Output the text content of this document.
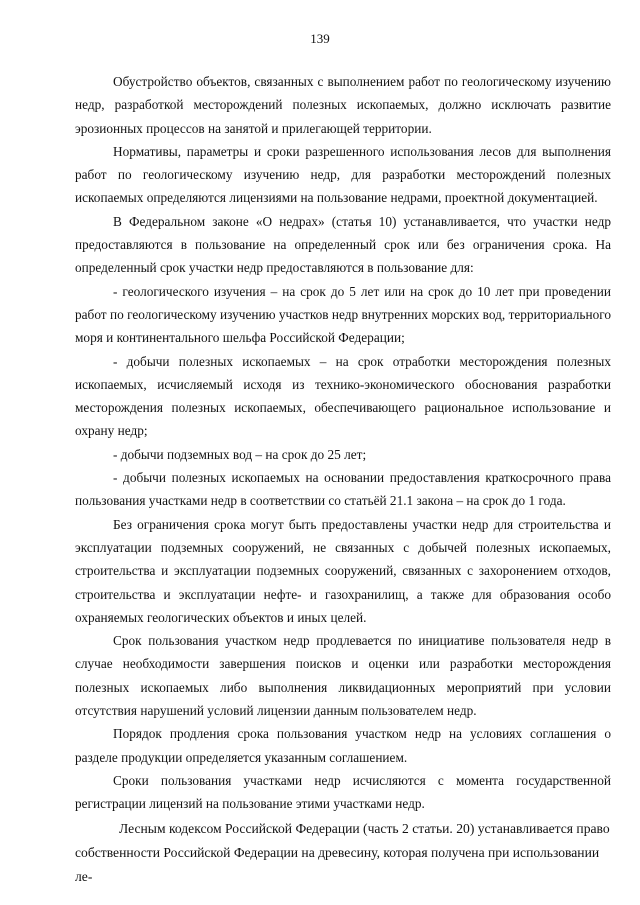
139

Обустройство объектов, связанных с выполнением работ по геологическому изучению недр, разработкой месторождений полезных ископаемых, должно исключать развитие эрозионных процессов на занятой и прилегающей территории.

Нормативы, параметры и сроки разрешенного использования лесов для выполнения работ по геологическому изучению недр, для разработки месторождений полезных ископаемых определяются лицензиями на пользование недрами, проектной документацией.

В Федеральном законе «О недрах» (статья 10) устанавливается, что участки недр предоставляются в пользование на определенный срок или без ограничения срока. На определенный срок участки недр предоставляются в пользование для:

- геологического изучения – на срок до 5 лет или на срок до 10 лет при проведении работ по геологическому изучению участков недр внутренних морских вод, территориального моря и континентального шельфа Российской Федерации;

- добычи полезных ископаемых – на срок отработки месторождения полезных ископаемых, исчисляемый исходя из технико-экономического обоснования разработки месторождения полезных ископаемых, обеспечивающего рациональное использование и охрану недр;

- добычи подземных вод – на срок до 25 лет;

- добычи полезных ископаемых на основании предоставления краткосрочного права пользования участками недр в соответствии со статьёй 21.1 закона – на срок до 1 года.

Без ограничения срока могут быть предоставлены участки недр для строительства и эксплуатации подземных сооружений, не связанных с добычей полезных ископаемых, строительства и эксплуатации подземных сооружений, связанных с захоронением отходов, строительства и эксплуатации нефте- и газохранилищ, а также для образования особо охраняемых геологических объектов и иных целей.

Срок пользования участком недр продлевается по инициативе пользователя недр в случае необходимости завершения поисков и оценки или разработки месторождения полезных ископаемых либо выполнения ликвидационных мероприятий при условии отсутствия нарушений условий лицензии данным пользователем недр.

Порядок продления срока пользования участком недр на условиях соглашения о разделе продукции определяется указанным соглашением.

Сроки пользования участками недр исчисляются с момента государственной регистрации лицензий на пользование этими участками недр.

Лесным кодексом Российской Федерации (часть 2 статьи. 20) устанавливается право собственности Российской Федерации на древесину, которая получена при использовании ле-
